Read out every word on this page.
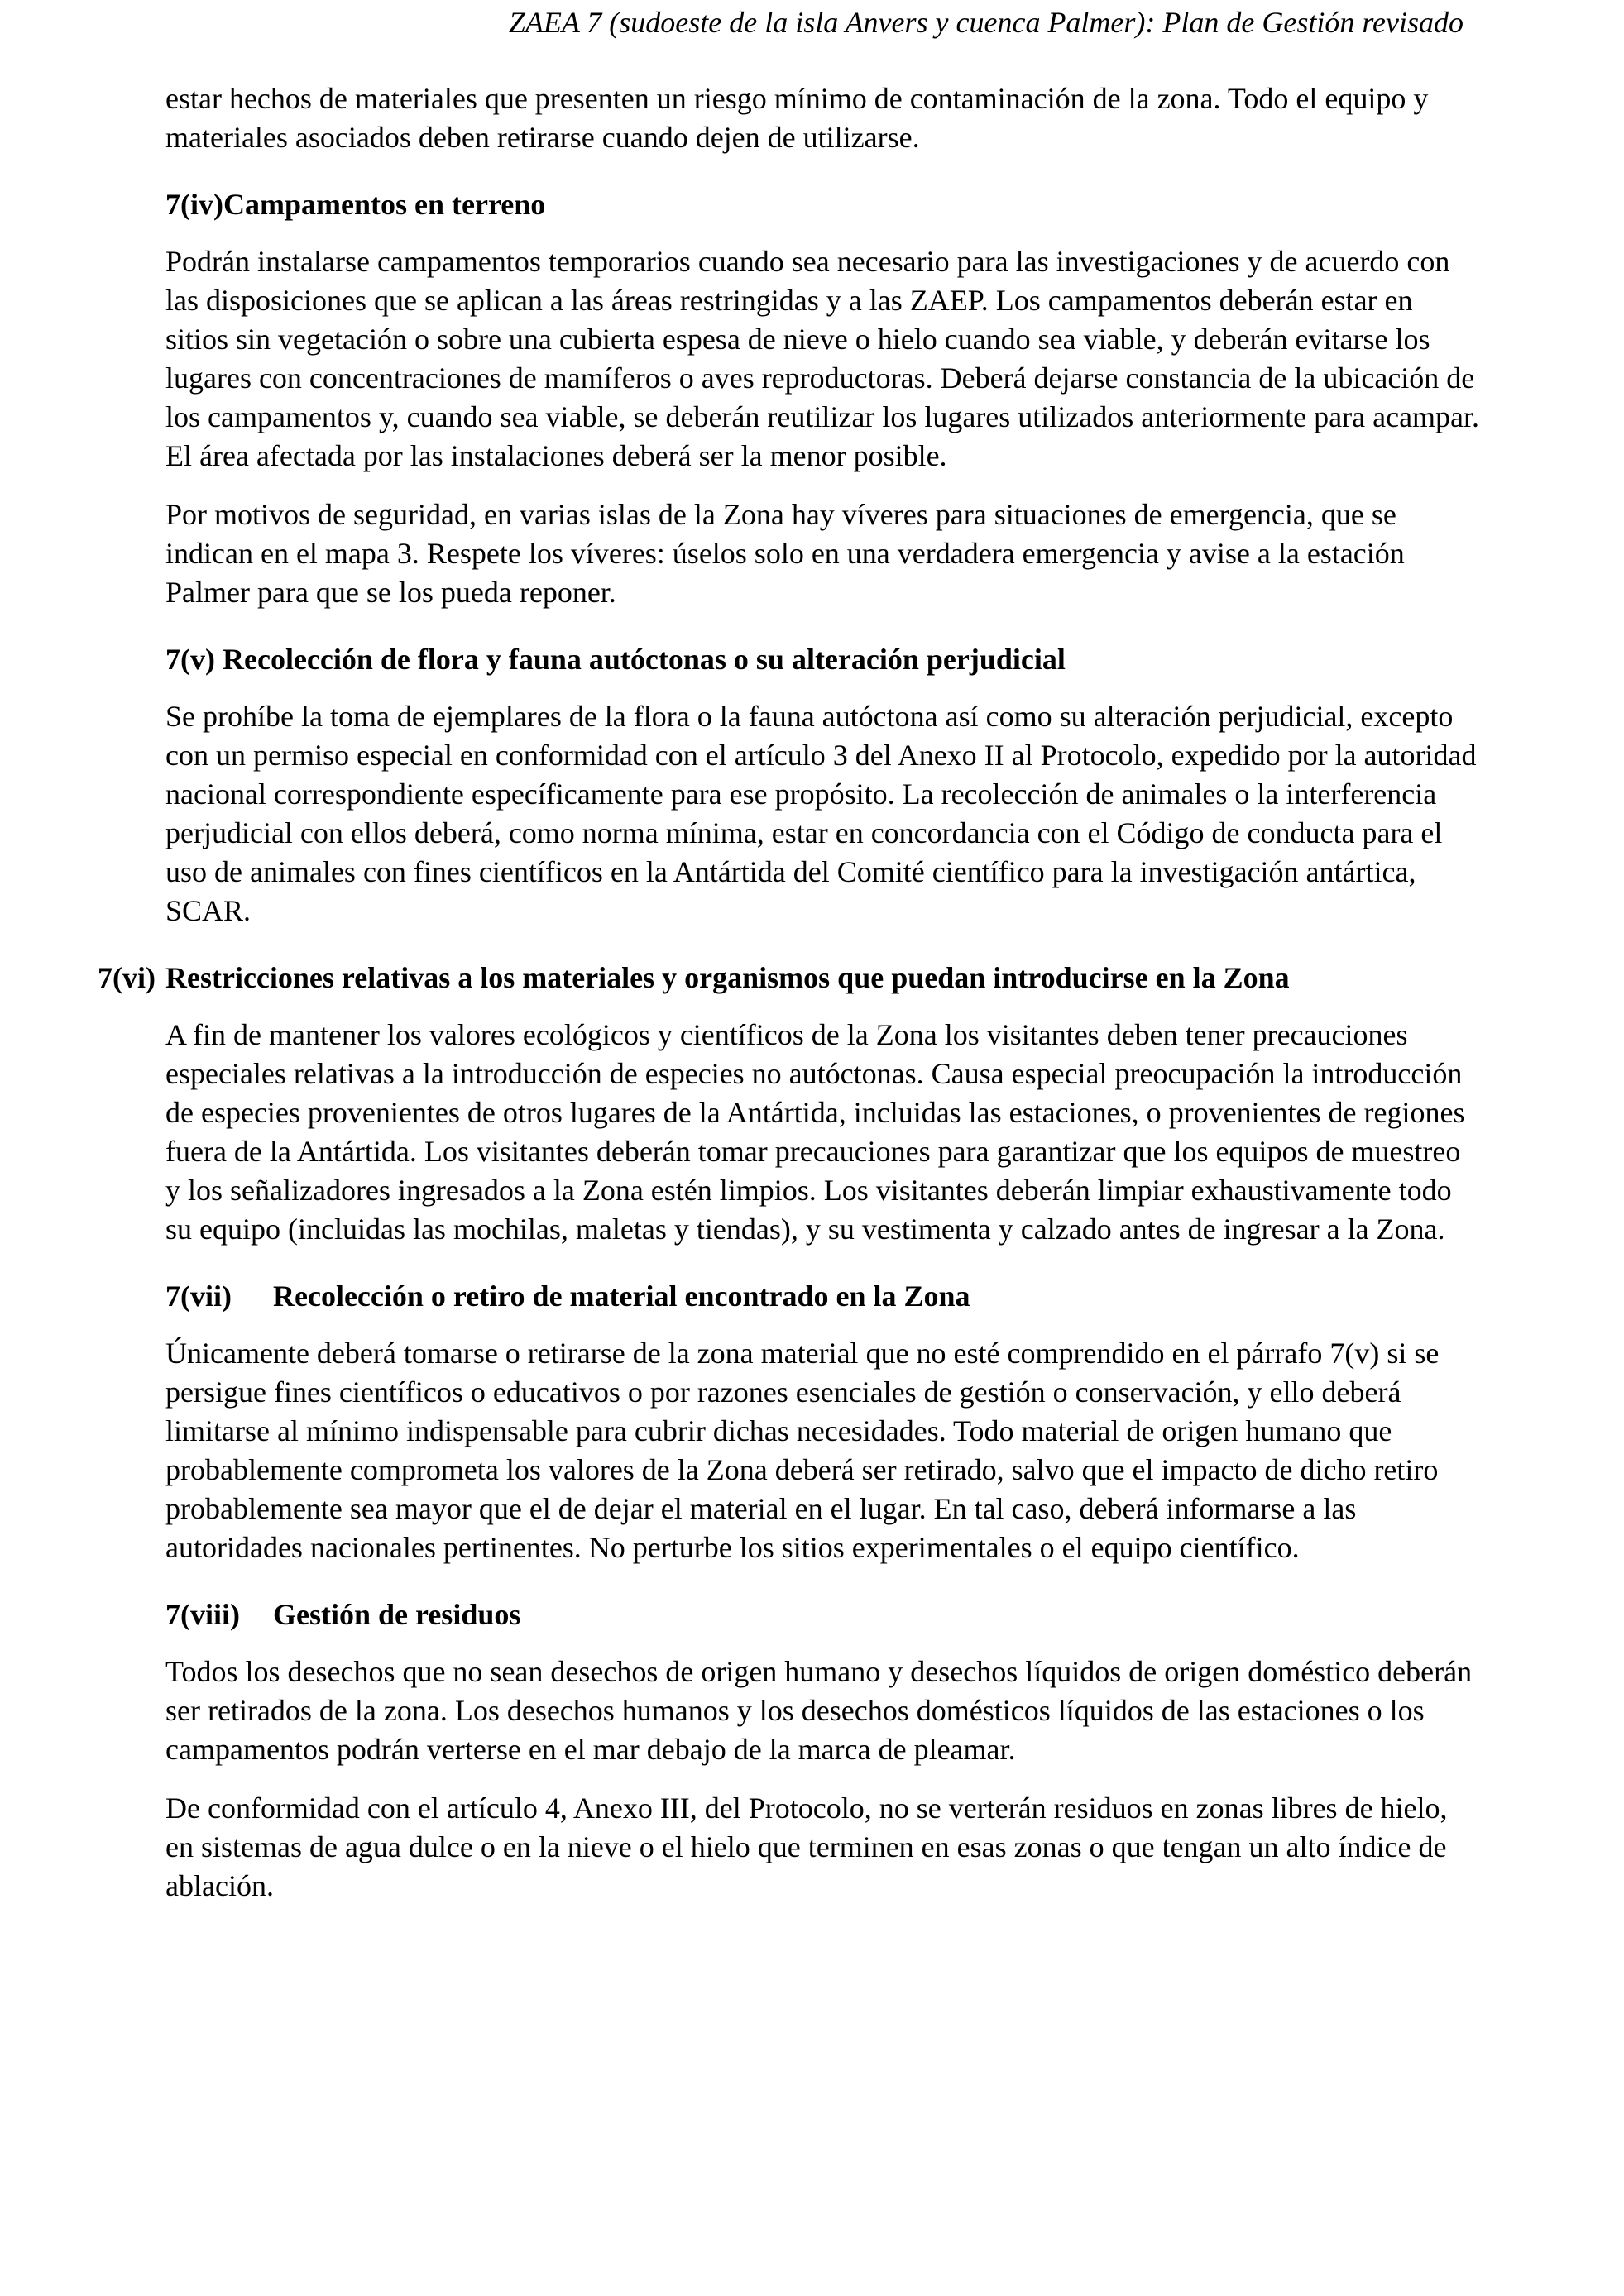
ZAEA 7 (sudoeste de la isla Anvers y cuenca Palmer): Plan de Gestión revisado

estar hechos de materiales que presenten un riesgo mínimo de contaminación de la zona. Todo el equipo y materiales asociados deben retirarse cuando dejen de utilizarse.

7(iv)Campamentos en terreno

Podrán instalarse campamentos temporarios cuando sea necesario para las investigaciones y de acuerdo con las disposiciones que se aplican a las áreas restringidas y a las ZAEP. Los campamentos deberán estar en sitios sin vegetación o sobre una cubierta espesa de nieve o hielo cuando sea viable, y deberán evitarse los lugares con concentraciones de mamíferos o aves reproductoras. Deberá dejarse constancia de la ubicación de los campamentos y, cuando sea viable, se deberán reutilizar los lugares utilizados anteriormente para acampar. El área afectada por las instalaciones deberá ser la menor posible.

Por motivos de seguridad, en varias islas de la Zona hay víveres para situaciones de emergencia, que se indican en el mapa 3. Respete los víveres: úselos solo en una verdadera emergencia y avise a la estación Palmer para que se los pueda reponer.

7(v) Recolección de flora y fauna autóctonas o su alteración perjudicial

Se prohíbe la toma de ejemplares de la flora o la fauna autóctona así como su alteración perjudicial, excepto con un permiso especial en conformidad con el artículo 3 del Anexo II al Protocolo, expedido por la autoridad nacional correspondiente específicamente para ese propósito. La recolección de animales o la interferencia perjudicial con ellos deberá, como norma mínima, estar en concordancia con el Código de conducta para el uso de animales con fines científicos en la Antártida del Comité científico para la investigación antártica, SCAR.

7(vi) Restricciones relativas a los materiales y organismos que puedan introducirse en la Zona

A fin de mantener los valores ecológicos y científicos de la Zona los visitantes deben tener precauciones especiales relativas a la introducción de especies no autóctonas. Causa especial preocupación la introducción de especies provenientes de otros lugares de la Antártida, incluidas las estaciones, o provenientes de regiones fuera de la Antártida. Los visitantes deberán tomar precauciones para garantizar que los equipos de muestreo y los señalizadores ingresados a la Zona estén limpios. Los visitantes deberán limpiar exhaustivamente todo su equipo (incluidas las mochilas, maletas y tiendas), y su vestimenta y calzado antes de ingresar a la Zona.

7(vii) Recolección o retiro de material encontrado en la Zona

Únicamente deberá tomarse o retirarse de la zona material que no esté comprendido en el párrafo 7(v) si se persigue fines científicos o educativos o por razones esenciales de gestión o conservación, y ello deberá limitarse al mínimo indispensable para cubrir dichas necesidades. Todo material de origen humano que probablemente comprometa los valores de la Zona deberá ser retirado, salvo que el impacto de dicho retiro probablemente sea mayor que el de dejar el material en el lugar. En tal caso, deberá informarse a las autoridades nacionales pertinentes. No perturbe los sitios experimentales o el equipo científico.

7(viii) Gestión de residuos

Todos los desechos que no sean desechos de origen humano y desechos líquidos de origen doméstico deberán ser retirados de la zona. Los desechos humanos y los desechos domésticos líquidos de las estaciones o los campamentos podrán verterse en el mar debajo de la marca de pleamar.

De conformidad con el artículo 4, Anexo III, del Protocolo, no se verterán residuos en zonas libres de hielo, en sistemas de agua dulce o en la nieve o el hielo que terminen en esas zonas o que tengan un alto índice de ablación.
